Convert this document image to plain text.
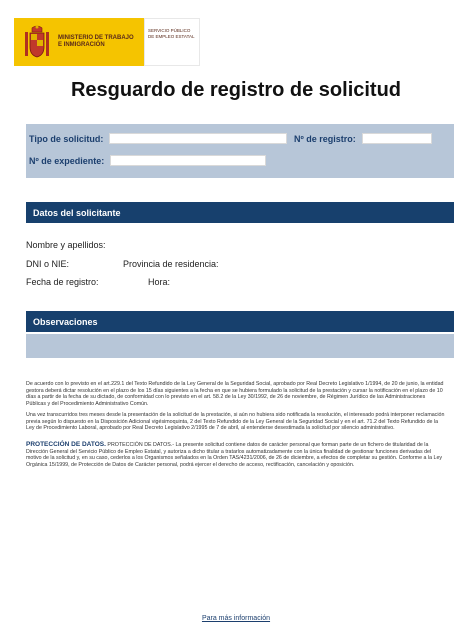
MINISTERIO DE TRABAJO E INMIGRACIÓN
SERVICIO PÚBLICO DE EMPLEO ESTATAL
Resguardo de registro de solicitud
Tipo de solicitud:	Nº de registro:
Nº de expediente:
Datos del solicitante
Nombre y apellidos:
DNI o NIE:	Provincia de residencia:
Fecha de registro:	Hora:
Observaciones
De acuerdo con lo previsto en el art.229.1 del Texto Refundido de la Ley General de la Seguridad Social, aprobado por Real Decreto Legislativo 1/1994, de 20 de junio, la entidad gestora deberá dictar resolución en el plazo de los 15 días siguientes a la fecha en que se hubiera formulado la solicitud de la prestación y cursar la notificación en el plazo de 10 días a partir de la fecha de su dictado, de conformidad con lo previsto en el art. 58.2 de la Ley 30/1992, de 26 de noviembre, de Régimen Jurídico de las Administraciones Públicas y del Procedimiento Administrativo Común.
Una vez transcurridos tres meses desde la presentación de la solicitud de la prestación, si aún no hubiera sido notificada la resolución, el interesado podrá interponer reclamación previa según lo dispuesto en la Disposición Adicional vigésimoquinta, 2 del Texto Refundido de la Ley General de la Seguridad Social y en el art. 71.2 del Texto Refundido de la Ley de Procedimiento Laboral, aprobado por Real Decreto Legislativo 2/1995 de 7 de abril, al entenderse desestimada la solicitud por silencio administrativo.
PROTECCIÓN DE DATOS. PROTECCIÓN DE DATOS.- La presente solicitud contiene datos de carácter personal que forman parte de un fichero de titularidad de la Dirección General del Servicio Público de Empleo Estatal, y autoriza a dicho titular a tratarlos automatizadamente con la única finalidad de gestionar funciones derivadas del motivo de la solicitud y, en su caso, cederlos a los Organismos señalados en la Orden TAS/4231/2006, de 26 de diciembre, a efectos de completar su gestión. Conforme a la Ley Orgánica 15/1999, de Protección de Datos de Carácter personal, podrá ejercer el derecho de acceso, rectificación, cancelación y oposición.
Para más información
